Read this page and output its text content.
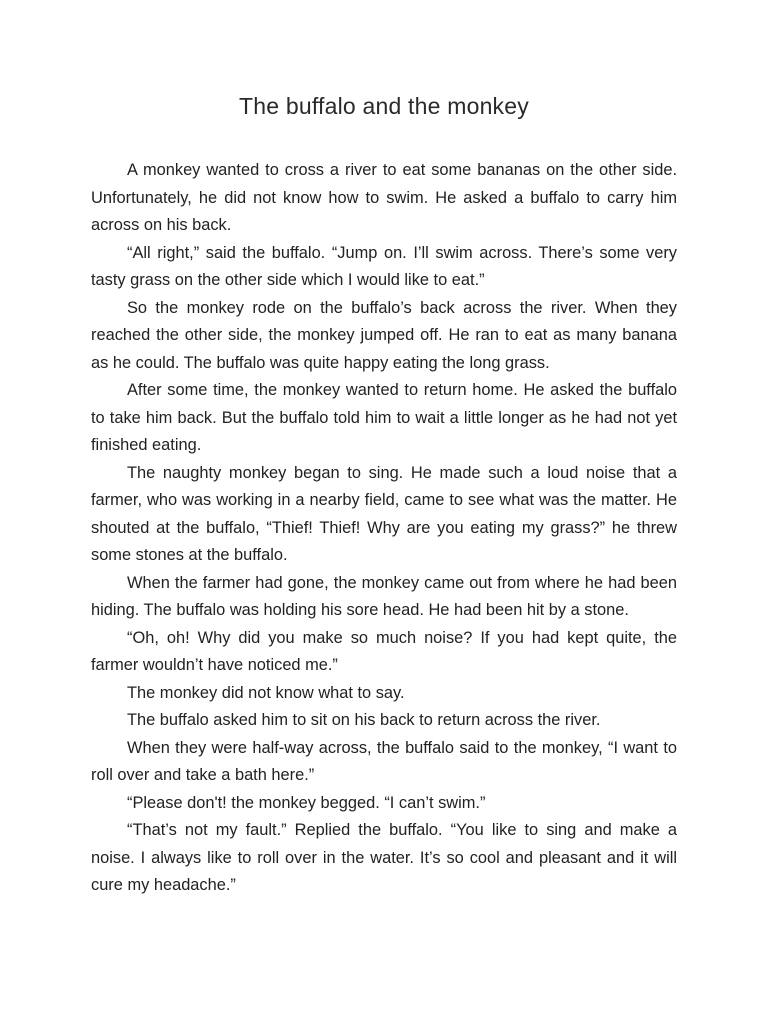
The buffalo and the monkey

A monkey wanted to cross a river to eat some bananas on the other side. Unfortunately, he did not know how to swim. He asked a buffalo to carry him across on his back.

“All right,” said the buffalo. “Jump on. I’ll swim across. There’s some very tasty grass on the other side which I would like to eat.”

So the monkey rode on the buffalo’s back across the river. When they reached the other side, the monkey jumped off. He ran to eat as many banana as he could. The buffalo was quite happy eating the long grass.

After some time, the monkey wanted to return home. He asked the buffalo to take him back. But the buffalo told him to wait a little longer as he had not yet finished eating.

The naughty monkey began to sing. He made such a loud noise that a farmer, who was working in a nearby field, came to see what was the matter. He shouted at the buffalo, “Thief! Thief! Why are you eating my grass?” he threw some stones at the buffalo.

When the farmer had gone, the monkey came out from where he had been hiding. The buffalo was holding his sore head. He had been hit by a stone.

“Oh, oh! Why did you make so much noise? If you had kept quite, the farmer wouldn’t have noticed me.”

The monkey did not know what to say.

The buffalo asked him to sit on his back to return across the river.

When they were half-way across, the buffalo said to the monkey, “I want to roll over and take a bath here.”

“Please don't! the monkey begged. “I can’t swim.”

“That’s not my fault.” Replied the buffalo. “You like to sing and make a noise. I always like to roll over in the water. It’s so cool and pleasant and it will cure my headache.”
